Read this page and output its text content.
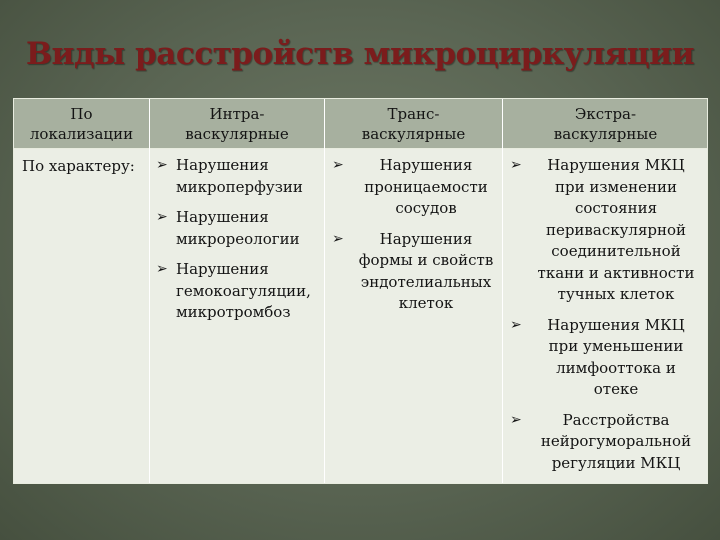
Виды расстройств микроциркуляции
По
локализации
Интра-
васкулярные
Транс-
васкулярные
Экстра-
васкулярные
По характеру: ➢ Нарушения
микроперфузии
➢ Нарушения
микрореологии
➢ Нарушения
гемокоагуляции,
микротромбоз
➢ Нарушения
проницаемости
сосудов
➢ Нарушения
формы и свойств
эндотелиальных
клеток
➢ Нарушения МКЦ
при изменении
состояния
периваскулярной
соединительной
ткани и активности
тучных клеток
➢ Нарушения МКЦ
при уменьшении
лимфооттока и
отеке
➢	Расстройства
нейрогуморальной
регуляции МКЦ
